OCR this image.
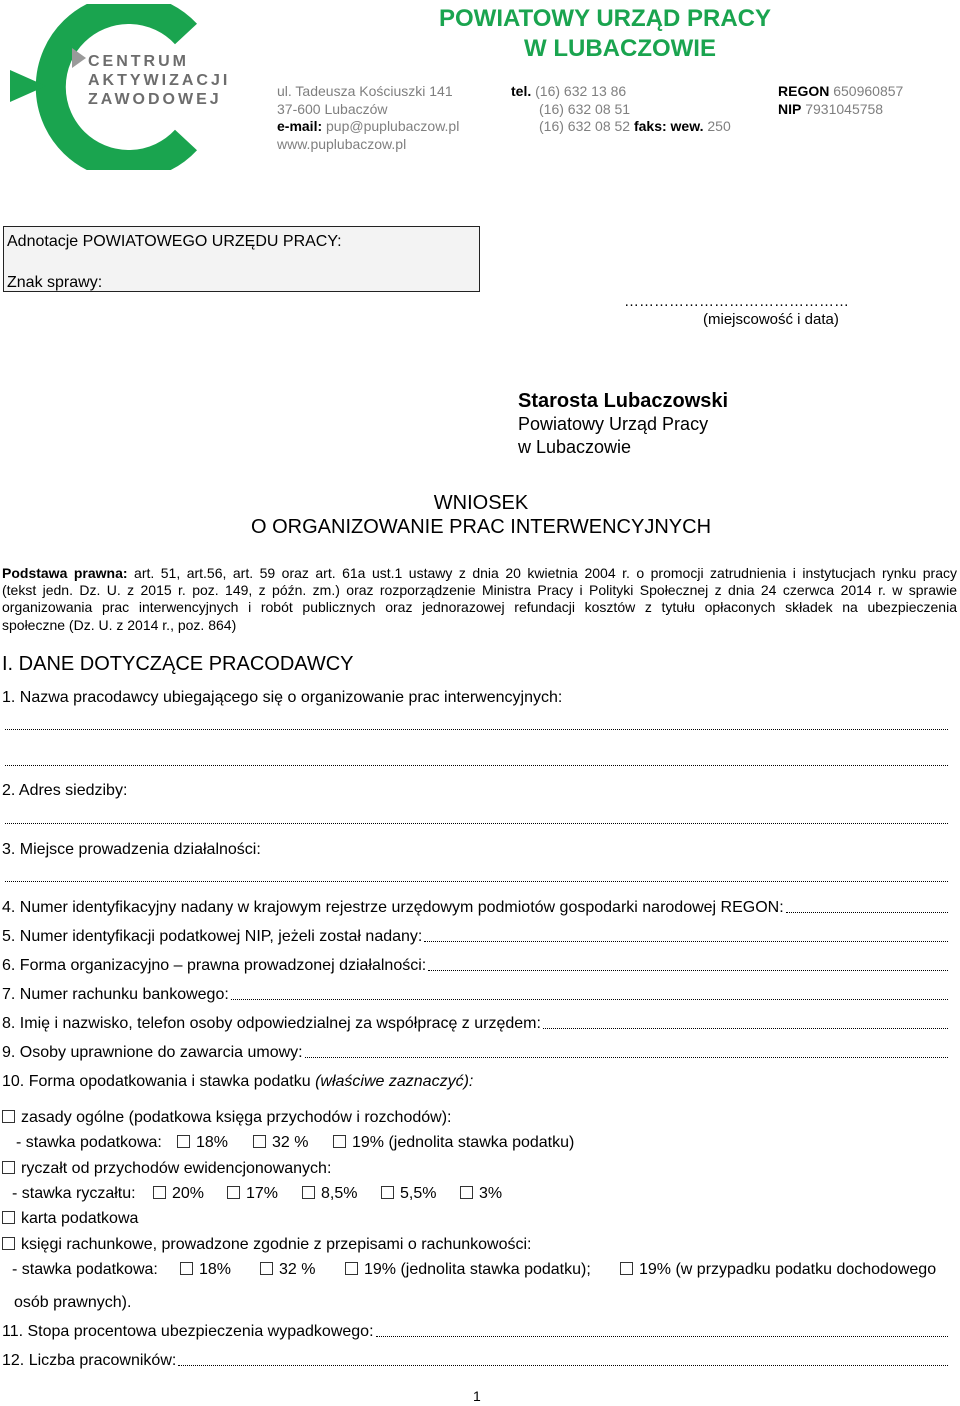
CENTRUM
AKTYWIZACJI
ZAWODOWEJ
POWIATOWY URZĄD PRACY
W LUBACZOWIE
ul. Tadeusza Kościuszki 141
37-600 Lubaczów
e-mail: pup@puplubaczow.pl
www.puplubaczow.pl
tel. (16) 632 13 86
(16) 632 08 51
(16) 632 08 52 faks: wew. 250
REGON 650960857
NIP 7931045758
Adnotacje POWIATOWEGO URZĘDU PRACY:
Znak sprawy:
………………………………………
(miejscowość i data)
Starosta Lubaczowski
Powiatowy Urząd Pracy
w Lubaczowie
WNIOSEK
O ORGANIZOWANIE PRAC INTERWENCYJNYCH
Podstawa prawna: art. 51, art.56, art. 59 oraz art. 61a ust.1 ustawy z dnia 20 kwietnia 2004 r. o promocji zatrudnienia i instytucjach rynku pracy
(tekst jedn. Dz. U. z 2015 r. poz. 149, z późn. zm.) oraz rozporządzenie Ministra Pracy i Polityki Społecznej z dnia 24 czerwca 2014 r. w sprawie
organizowania prac interwencyjnych i robót publicznych oraz jednorazowej refundacji kosztów z tytułu opłaconych składek na ubezpieczenia
społeczne (Dz. U. z 2014 r., poz. 864)
I. DANE DOTYCZĄCE PRACODAWCY
1. Nazwa pracodawcy ubiegającego się o organizowanie prac interwencyjnych:
2. Adres siedziby:
3. Miejsce prowadzenia działalności:
4. Numer identyfikacyjny nadany w krajowym rejestrze urzędowym podmiotów gospodarki narodowej REGON:
5. Numer identyfikacji podatkowej NIP, jeżeli został nadany:
6. Forma organizacyjno – prawna prowadzonej działalności:
7. Numer rachunku bankowego:
8. Imię i nazwisko, telefon osoby odpowiedzialnej za współpracę z urzędem:
9. Osoby uprawnione do zawarcia umowy:
10. Forma opodatkowania i stawka podatku
(właściwe zaznaczyć):
zasady ogólne (podatkowa księga przychodów i rozchodów):
- stawka podatkowa:	18%	32 %	19% (jednolita stawka podatku)
ryczałt od przychodów ewidencjonowanych:
- stawka ryczałtu:	20%	17%	8,5%	5,5%	3%
karta podatkowa
księgi rachunkowe, prowadzone zgodnie z przepisami o rachunkowości:
- stawka podatkowa:	18%	32 %	19% (jednolita stawka podatku);	19% (w przypadku podatku dochodowego
osób prawnych).
11. Stopa procentowa ubezpieczenia wypadkowego:
12. Liczba pracowników:
1
